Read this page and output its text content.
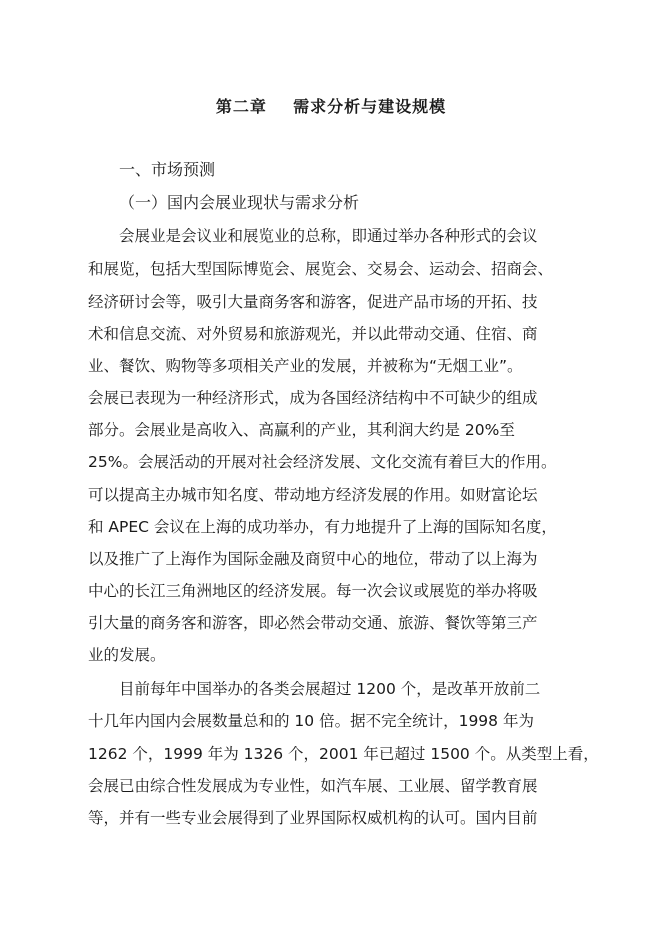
第二章    需求分析与建设规模
一、市场预测
（一）国内会展业现状与需求分析
会展业是会议业和展览业的总称，即通过举办各种形式的会议
和展览，包括大型国际博览会、展览会、交易会、运动会、招商会、
经济研讨会等，吸引大量商务客和游客，促进产品市场的开拓、技
术和信息交流、对外贸易和旅游观光，并以此带动交通、住宿、商
业、餐饮、购物等多项相关产业的发展，并被称为“无烟工业”。
会展已表现为一种经济形式，成为各国经济结构中不可缺少的组成
部分。会展业是高收入、高赢利的产业，其利润大约是 20%至
25%。会展活动的开展对社会经济发展、文化交流有着巨大的作用。
可以提高主办城市知名度、带动地方经济发展的作用。如财富论坛
和 APEC 会议在上海的成功举办，有力地提升了上海的国际知名度，
以及推广了上海作为国际金融及商贸中心的地位，带动了以上海为
中心的长江三角洲地区的经济发展。每一次会议或展览的举办将吸
引大量的商务客和游客，即必然会带动交通、旅游、餐饮等第三产
业的发展。
目前每年中国举办的各类会展超过 1200 个，是改革开放前二
十几年内国内会展数量总和的 10 倍。据不完全统计，1998 年为
1262 个，1999 年为 1326 个，2001 年已超过 1500 个。从类型上看，
会展已由综合性发展成为专业性，如汽车展、工业展、留学教育展
等，并有一些专业会展得到了业界国际权威机构的认可。国内目前
